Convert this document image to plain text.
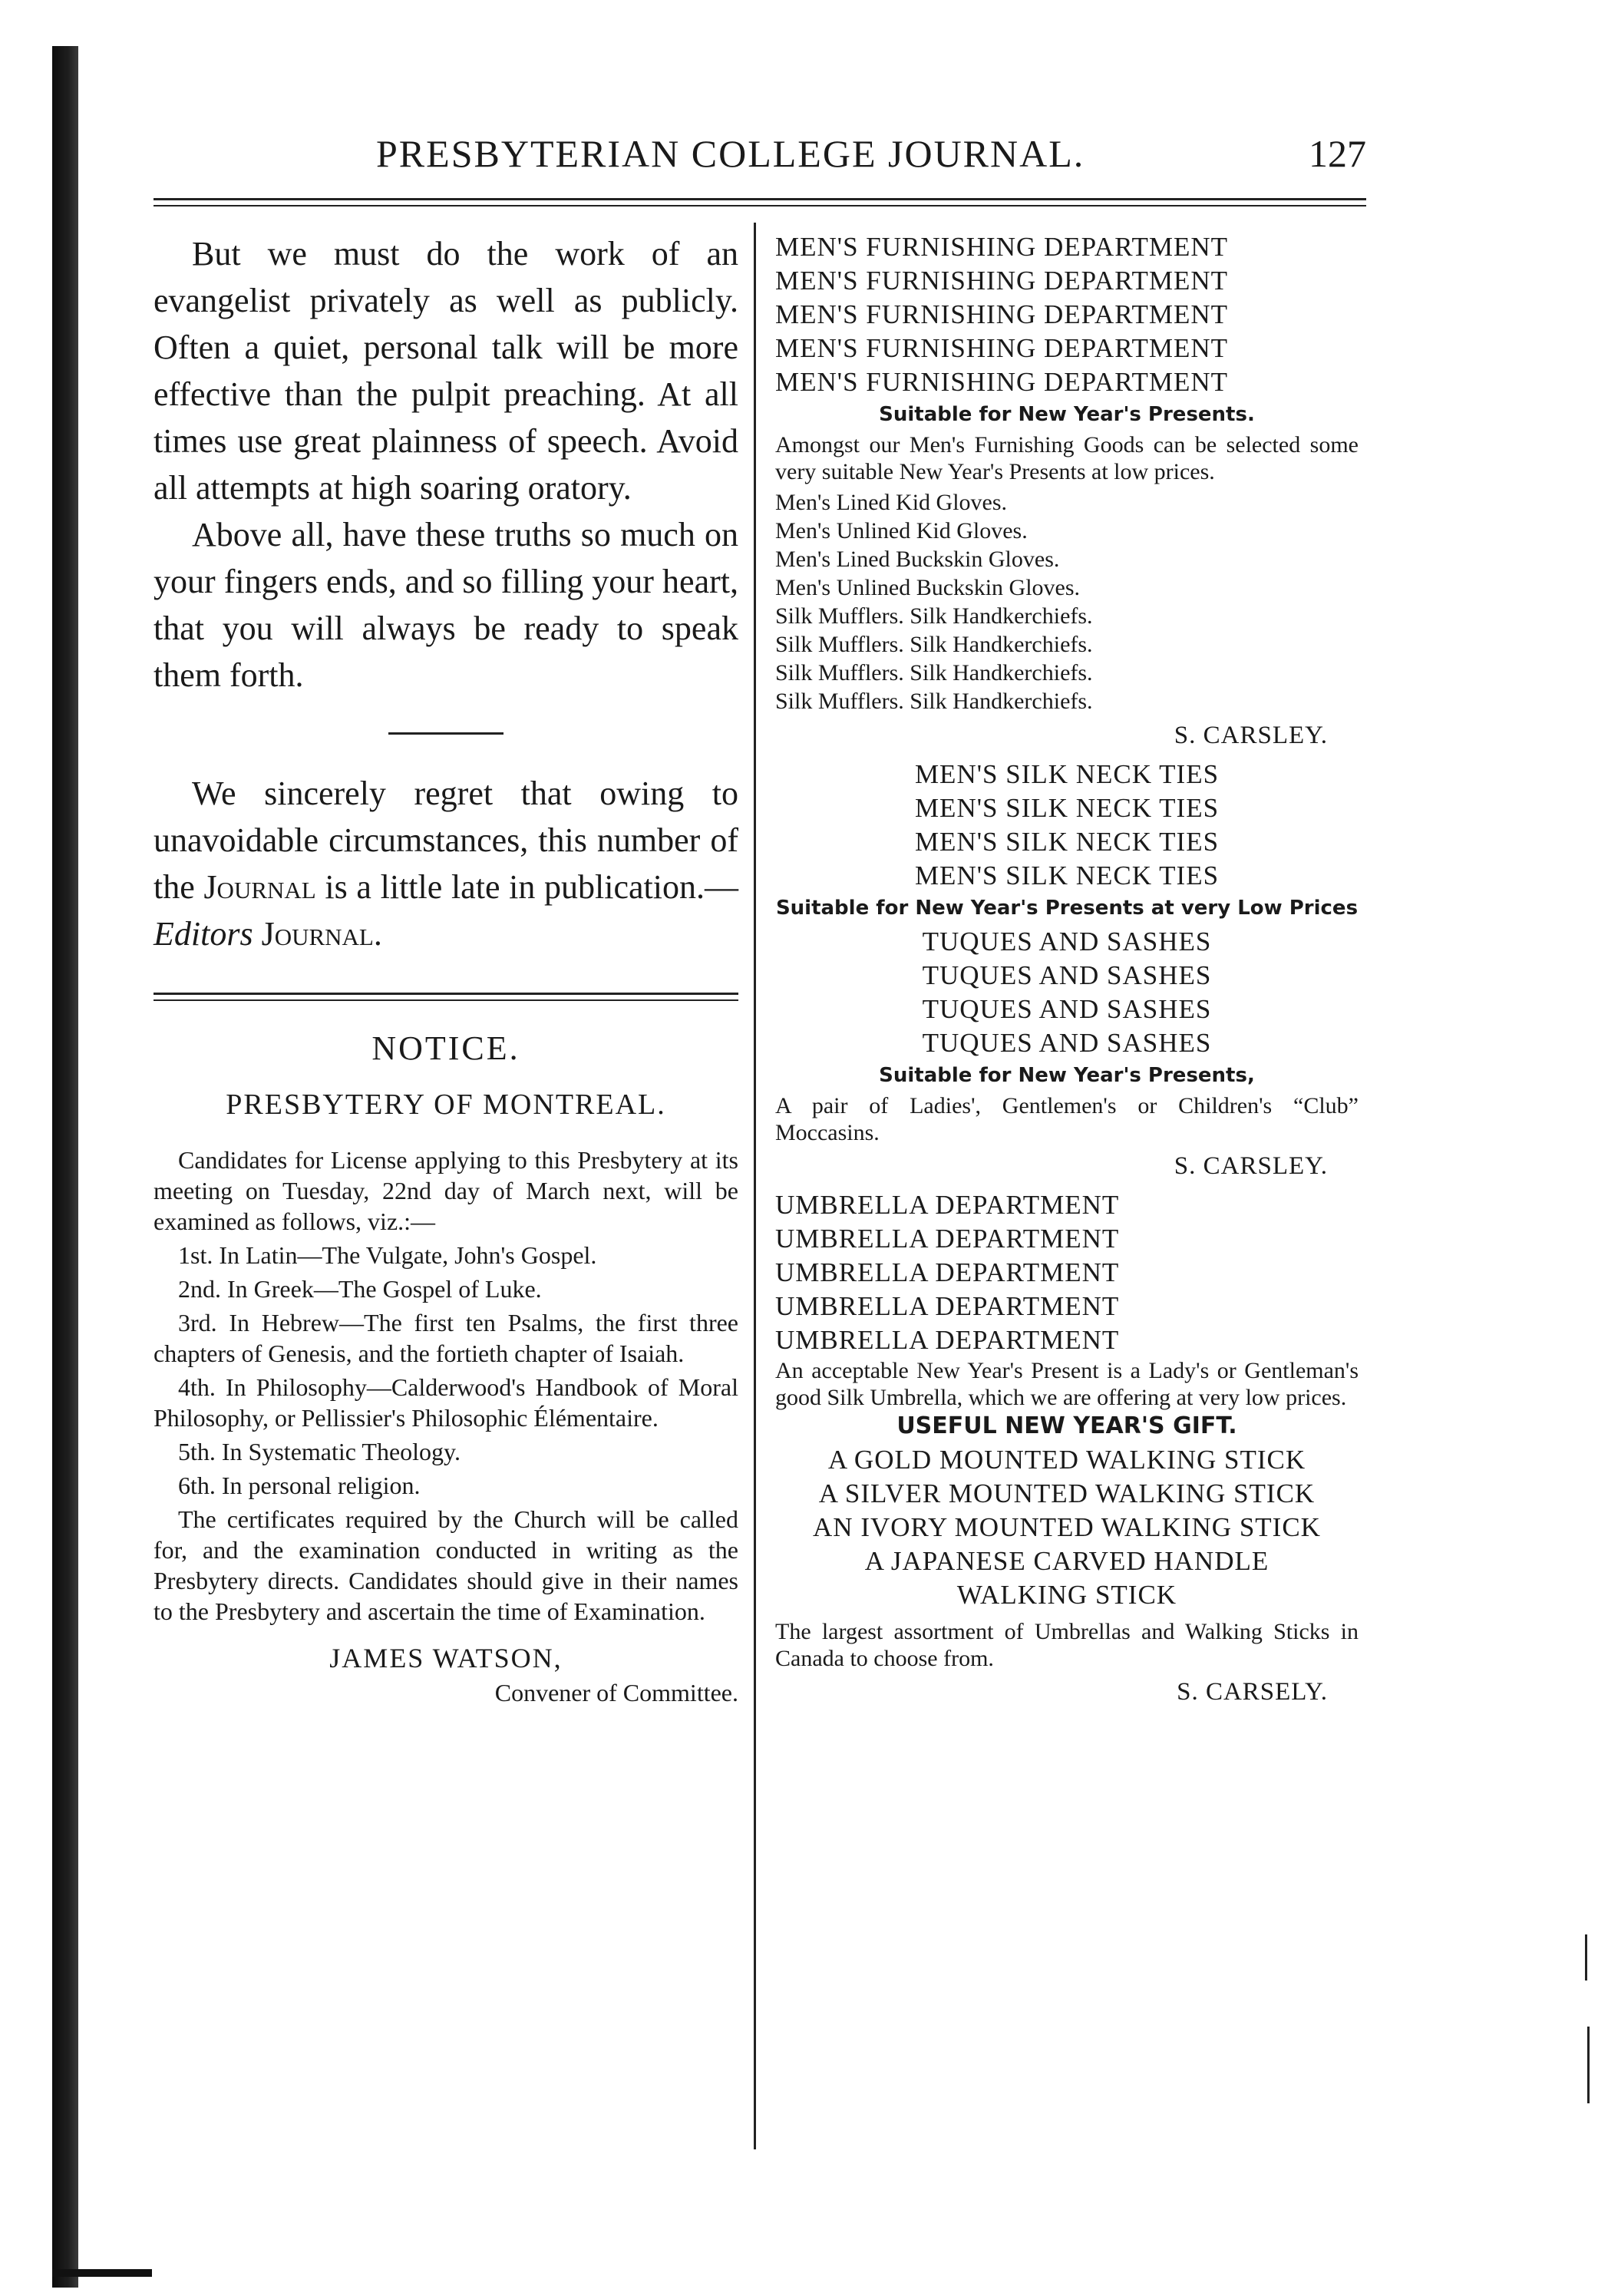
PRESBYTERIAN COLLEGE JOURNAL.	127

But we must do the work of an evangelist privately as well as publicly. Often a quiet, personal talk will be more effective than the pulpit preaching. At all times use great plainness of speech. Avoid all attempts at high soaring oratory.

Above all, have these truths so much on your fingers ends, and so filling your heart, that you will always be ready to speak them forth.

We sincerely regret that owing to unavoidable circumstances, this number of the Journal is a little late in publication.—Editors Journal.

NOTICE.

PRESBYTERY OF MONTREAL.

Candidates for License applying to this Presbytery at its meeting on Tuesday, 22nd day of March next, will be examined as follows, viz.:—

1st. In Latin—The Vulgate, John's Gospel.

2nd. In Greek—The Gospel of Luke.

3rd. In Hebrew—The first ten Psalms, the first three chapters of Genesis, and the fortieth chapter of Isaiah.

4th. In Philosophy—Calderwood's Handbook of Moral Philosophy, or Pellissier's Philosophic Élémentaire.

5th. In Systematic Theology.

6th. In personal religion.

The certificates required by the Church will be called for, and the examination conducted in writing as the Presbytery directs. Candidates should give in their names to the Presbytery and ascertain the time of Examination.

JAMES WATSON,

Convener of Committee.

MEN'S FURNISHING DEPARTMENT

MEN'S FURNISHING DEPARTMENT

MEN'S FURNISHING DEPARTMENT

MEN'S FURNISHING DEPARTMENT

MEN'S FURNISHING DEPARTMENT

Suitable for New Year's Presents.

Amongst our Men's Furnishing Goods can be selected some very suitable New Year's Presents at low prices.

Men's Lined Kid Gloves.

Men's Unlined Kid Gloves.

Men's Lined Buckskin Gloves.

Men's Unlined Buckskin Gloves.

Silk Mufflers. Silk Handkerchiefs.

Silk Mufflers. Silk Handkerchiefs.

Silk Mufflers. Silk Handkerchiefs.

Silk Mufflers. Silk Handkerchiefs.

S. CARSLEY.

MEN'S SILK NECK TIES

MEN'S SILK NECK TIES

MEN'S SILK NECK TIES

MEN'S SILK NECK TIES

Suitable for New Year's Presents at very Low Prices

TUQUES AND SASHES

TUQUES AND SASHES

TUQUES AND SASHES

TUQUES AND SASHES

Suitable for New Year's Presents,

A pair of Ladies', Gentlemen's or Children's “Club” Moccasins.

S. CARSLEY.

UMBRELLA DEPARTMENT

UMBRELLA DEPARTMENT

UMBRELLA DEPARTMENT

UMBRELLA DEPARTMENT

UMBRELLA DEPARTMENT

An acceptable New Year's Present is a Lady's or Gentleman's good Silk Umbrella, which we are offering at very low prices.

USEFUL NEW YEAR'S GIFT.

A GOLD MOUNTED WALKING STICK

A SILVER MOUNTED WALKING STICK

AN IVORY MOUNTED WALKING STICK

A JAPANESE CARVED HANDLE

WALKING STICK

The largest assortment of Umbrellas and Walking Sticks in Canada to choose from.

S. CARSELY.
